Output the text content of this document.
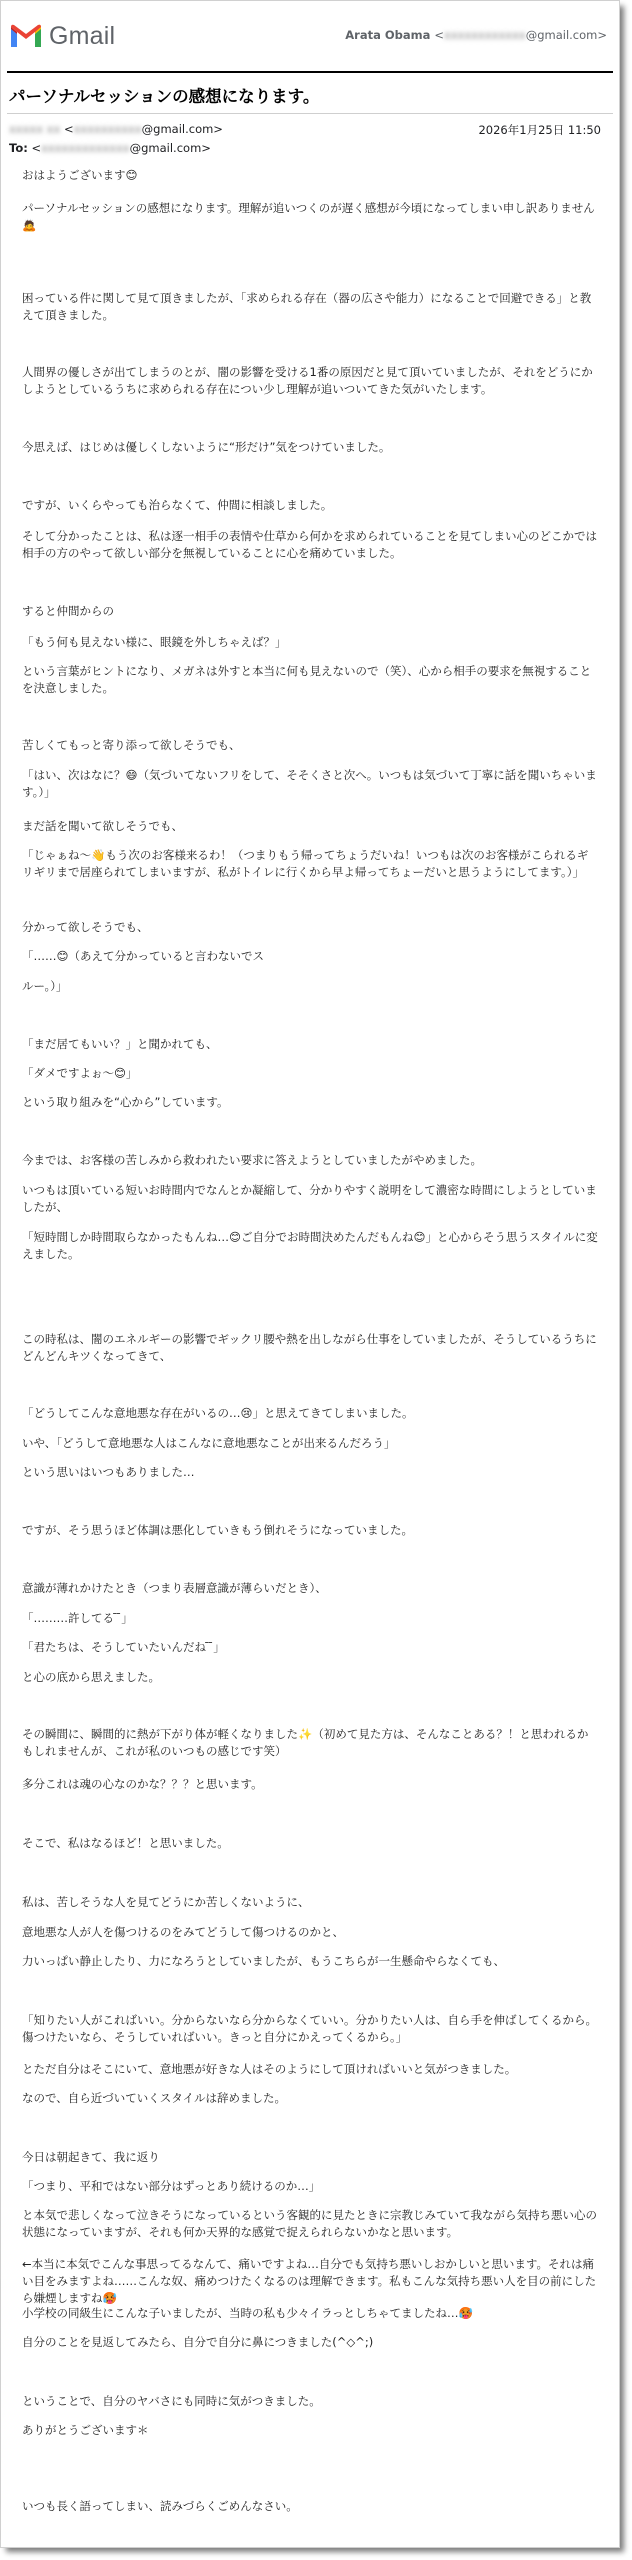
Gmail	Arata Obama <xxxxxxxxxxxx@gmail.com>
パーソナルセッションの感想になります。
xxxxx xx <xxxxxxxxxx@gmail.com>	2026年1月25日 11:50
To: <xxxxxxxxxxxxx@gmail.com>

おはようございます😊

パーソナルセッションの感想になります。理解が追いつくのが遅く感想が今頃になってしまい申し訳ありません🙇

困っている件に関して見て頂きましたが、「求められる存在（器の広さや能力）になることで回避できる」と教えて頂きました。

人間界の優しさが出てしまうのとが、闇の影響を受ける1番の原因だと見て頂いていましたが、それをどうにかしようとしているうちに求められる存在につい少し理解が追いついてきた気がいたします。

今思えば、はじめは優しくしないように“形だけ”気をつけていました。

ですが、いくらやっても治らなくて、仲間に相談しました。

そして分かったことは、私は逐一相手の表情や仕草から何かを求められていることを見てしまい心のどこかでは相手の方のやって欲しい部分を無視していることに心を痛めていました。

すると仲間からの

「もう何も見えない様に、眼鏡を外しちゃえば？」

という言葉がヒントになり、メガネは外すと本当に何も見えないので（笑）、心から相手の要求を無視することを決意しました。

苦しくてもっと寄り添って欲しそうでも、

「はい、次はなに？😄（気づいてないフリをして、そそくさと次へ。いつもは気づいて丁寧に話を聞いちゃいます。）」

まだ話を聞いて欲しそうでも、

「じゃぁね〜👋もう次のお客様来るわ！（つまりもう帰ってちょうだいね！いつもは次のお客様がこられるギリギリまで居座られてしまいますが、私がトイレに行くから早よ帰ってちょーだいと思うようにしてます。）」

分かって欲しそうでも、

「……😊（あえて分かっていると言わないでス

ルー。）」

「まだ居てもいい？」と聞かれても、

「ダメですよぉ〜😊」

という取り組みを“心から”しています。

今までは、お客様の苦しみから救われたい要求に答えようとしていましたがやめました。

いつもは頂いている短いお時間内でなんとか凝縮して、分かりやすく説明をして濃密な時間にしようとしていましたが、

「短時間しか時間取らなかったもんね…😊ご自分でお時間決めたんだもんね😊」と心からそう思うスタイルに変えました。

この時私は、闇のエネルギーの影響でギックリ腰や熱を出しながら仕事をしていましたが、そうしているうちにどんどんキツくなってきて、

「どうしてこんな意地悪な存在がいるの…😢」と思えてきてしまいました。

いや、「どうして意地悪な人はこんなに意地悪なことが出来るんだろう」

という思いはいつもありました…

ですが、そう思うほど体調は悪化していきもう倒れそうになっていました。

意識が薄れかけたとき（つまり表層意識が薄らいだとき）、

「………許してる ̄ ̄」

「君たちは、そうしていたいんだね ̄ ̄」

と心の底から思えました。

その瞬間に、瞬間的に熱が下がり体が軽くなりました✨（初めて見た方は、そんなことある？！と思われるかもしれませんが、これが私のいつもの感じです笑）

多分これは魂の心なのかな？？？と思います。

そこで、私はなるほど！と思いました。

私は、苦しそうな人を見てどうにか苦しくないように、

意地悪な人が人を傷つけるのをみてどうして傷つけるのかと、

力いっぱい静止したり、力になろうとしていましたが、もうこちらが一生懸命やらなくても、

「知りたい人がこればいい。分からないなら分からなくていい。分かりたい人は、自ら手を伸ばしてくるから。傷つけたいなら、そうしていればいい。きっと自分にかえってくるから。」

とただ自分はそこにいて、意地悪が好きな人はそのようにして頂ければいいと気がつきました。

なので、自ら近づいていくスタイルは辞めました。

今日は朝起きて、我に返り

「つまり、平和ではない部分はずっとあり続けるのか…」

と本気で悲しくなって泣きそうになっているという客観的に見たときに宗教じみていて我ながら気持ち悪い心の状態になっていますが、それも何か天界的な感覚で捉えられらないかなと思います。

←本当に本気でこんな事思ってるなんて、痛いですよね…自分でも気持ち悪いしおかしいと思います。それは痛い目をみますよね……こんな奴、痛めつけたくなるのは理解できます。私もこんな気持ち悪い人を目の前にしたら嫌煙しますね🥵

小学校の同級生にこんな子いましたが、当時の私も少々イラっとしちゃてましたね…🥵

自分のことを見返してみたら、自分で自分に鼻につきました(^◇^;)

ということで、自分のヤバさにも同時に気がつきました。

ありがとうございます＊

いつも長く語ってしまい、読みづらくごめんなさい。
